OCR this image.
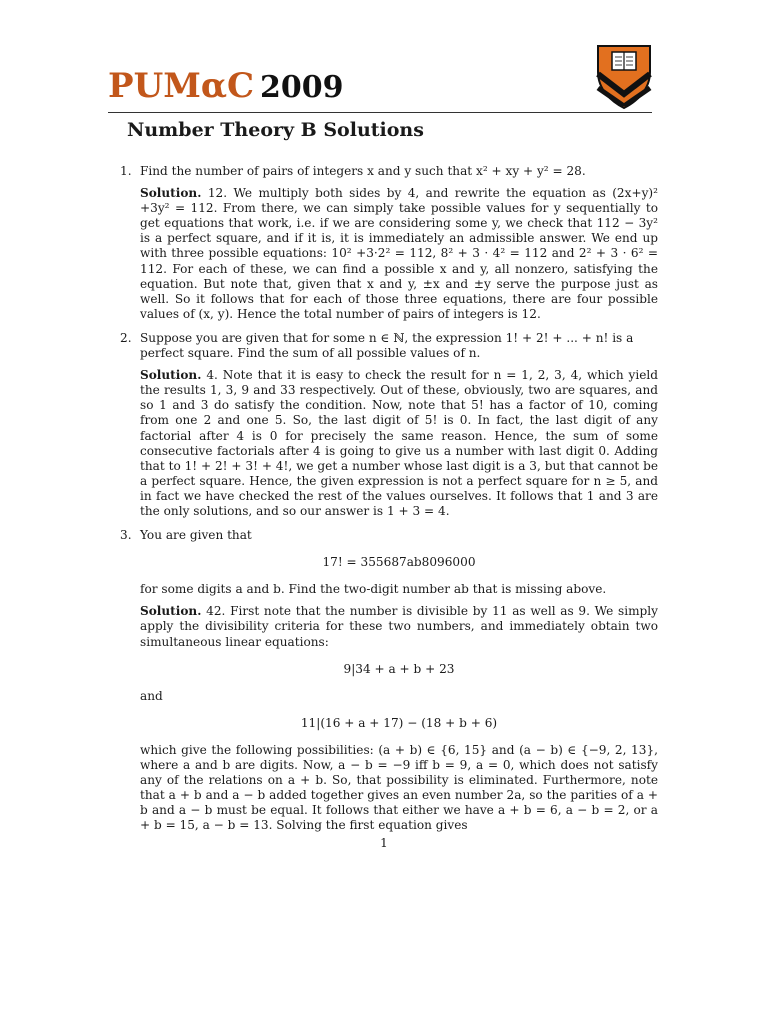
PUMαC 2009
Number Theory B Solutions
1. Find the number of pairs of integers x and y such that x² + xy + y² = 28.

Solution. 12. We multiply both sides by 4, and rewrite the equation as (2x+y)² +3y² = 112. From there, we can simply take possible values for y sequentially to get equations that work, i.e. if we are considering some y, we check that 112 − 3y² is a perfect square, and if it is, it is immediately an admissible answer. We end up with three possible equations: 10² +3·2² = 112, 8² + 3 · 4² = 112 and 2² + 3 · 6² = 112. For each of these, we can find a possible x and y, all nonzero, satisfying the equation. But note that, given that x and y, ±x and ±y serve the purpose just as well. So it follows that for each of those three equations, there are four possible values of (x, y). Hence the total number of pairs of integers is 12.

2. Suppose you are given that for some n ∈ ℕ, the expression 1! + 2! + ... + n! is a perfect square. Find the sum of all possible values of n.

Solution. 4. Note that it is easy to check the result for n = 1, 2, 3, 4, which yield the results 1, 3, 9 and 33 respectively. Out of these, obviously, two are squares, and so 1 and 3 do satisfy the condition. Now, note that 5! has a factor of 10, coming from one 2 and one 5. So, the last digit of 5! is 0. In fact, the last digit of any factorial after 4 is 0 for precisely the same reason. Hence, the sum of some consecutive factorials after 4 is going to give us a number with last digit 0. Adding that to 1! + 2! + 3! + 4!, we get a number whose last digit is a 3, but that cannot be a perfect square. Hence, the given expression is not a perfect square for n ≥ 5, and in fact we have checked the rest of the values ourselves. It follows that 1 and 3 are the only solutions, and so our answer is 1 + 3 = 4.

3. You are given that

17! = 355687ab8096000

for some digits a and b. Find the two-digit number ab that is missing above.

Solution. 42. First note that the number is divisible by 11 as well as 9. We simply apply the divisibility criteria for these two numbers, and immediately obtain two simultaneous linear equations:

9|34 + a + b + 23

and

11|(16 + a + 17) − (18 + b + 6)

which give the following possibilities: (a + b) ∈ {6, 15} and (a − b) ∈ {−9, 2, 13}, where a and b are digits. Now, a − b = −9 iff b = 9, a = 0, which does not satisfy any of the relations on a + b. So, that possibility is eliminated. Furthermore, note that a + b and a − b added together gives an even number 2a, so the parities of a + b and a − b must be equal. It follows that either we have a + b = 6, a − b = 2, or a + b = 15, a − b = 13. Solving the first equation gives

1
